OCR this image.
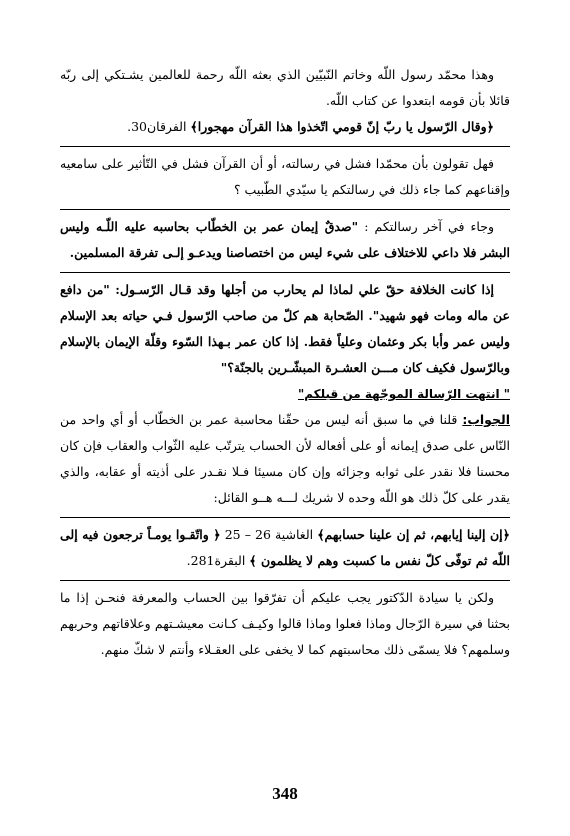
وهذا محمّد رسول اللّه وخاتم النّبيّين الذي بعثه اللّه رحمة للعالمين يشـتكي إلى ربّه قائلا بأن قومه ابتعدوا عن كتاب اللّه.

﴿وقال الرّسول يا ربّ إنّ قومي اتّخذوا هذا القرآن مهجورا﴾ الفرقان30.

فهل تقولون بأن محمّدا فشل في رسالته، أو أن القرآن فشل في التّأثير على سامعيه وإقناعهم كما جاء ذلك في رسالتكم يا سيّدي الطّبيب ؟

وجاء في آخر رسالتكم : "صدقٌ إيمان عمر بن الخطّاب بحاسبه عليه اللّـه وليس البشر فلا داعي للاختلاف على شيء ليس من اختصاصنا ويدعـو إلـى تفرقة المسلمين.

إذا كانت الخلافة حقّ علي لماذا لم يحارب من أجلها وقد قـال الرّسـول: "من دافع عن ماله ومات فهو شهيد". الصّحابة هم كلّ من صاحب الرّسول فـي حياته بعد الإسلام وليس عمر وأبا بكر وعثمان وعلياً فقط. إذا كان عمر بـهذا السّوء وقلّة الإيمان بالإسلام وبالرّسول فكيف كان مـــن العشـرة المبشّـرين بالجنّة؟"

" انتهت الرّسالة الموجّهة من قبلكم"

الجواب: قلنا في ما سبق أنه ليس من حقّنا محاسبة عمر بن الخطّاب أو أي واحد من النّاس على صدق إيمانه أو على أفعاله لأن الحساب يترتّب عليه الثّواب والعقاب فإن كان محسنا فلا نقدر على ثوابه وجزائه وإن كان مسيئا فـلا نقـدر على أذيته أو عقابه، والذي يقدر على كلّ ذلك هو اللّه وحده لا شريك لـــه هــو القائل:

﴿إن إلينا إيابهم، ثم إن علينا حسابهم﴾ الغاشية 26 – 25 ﴿ واتّقـوا يومـاً ترجعون فيه إلى اللّه ثم توفّى كلّ نفس ما كسبت وهم لا يظلمون ﴾ البقرة281.

ولكن يا سيادة الدّكتور يجب عليكم أن تفرّقوا بين الحساب والمعرفة فنحـن إذا ما بحثنا في سيرة الرّجال وماذا فعلوا وماذا قالوا وكيـف كـانت معيشـتهم وعلاقاتهم وحربهم وسلمهم؟ فلا يسمّى ذلك محاسبتهم كما لا يخفى على العقـلاء وأنتم لا شكّ منهم.

348
